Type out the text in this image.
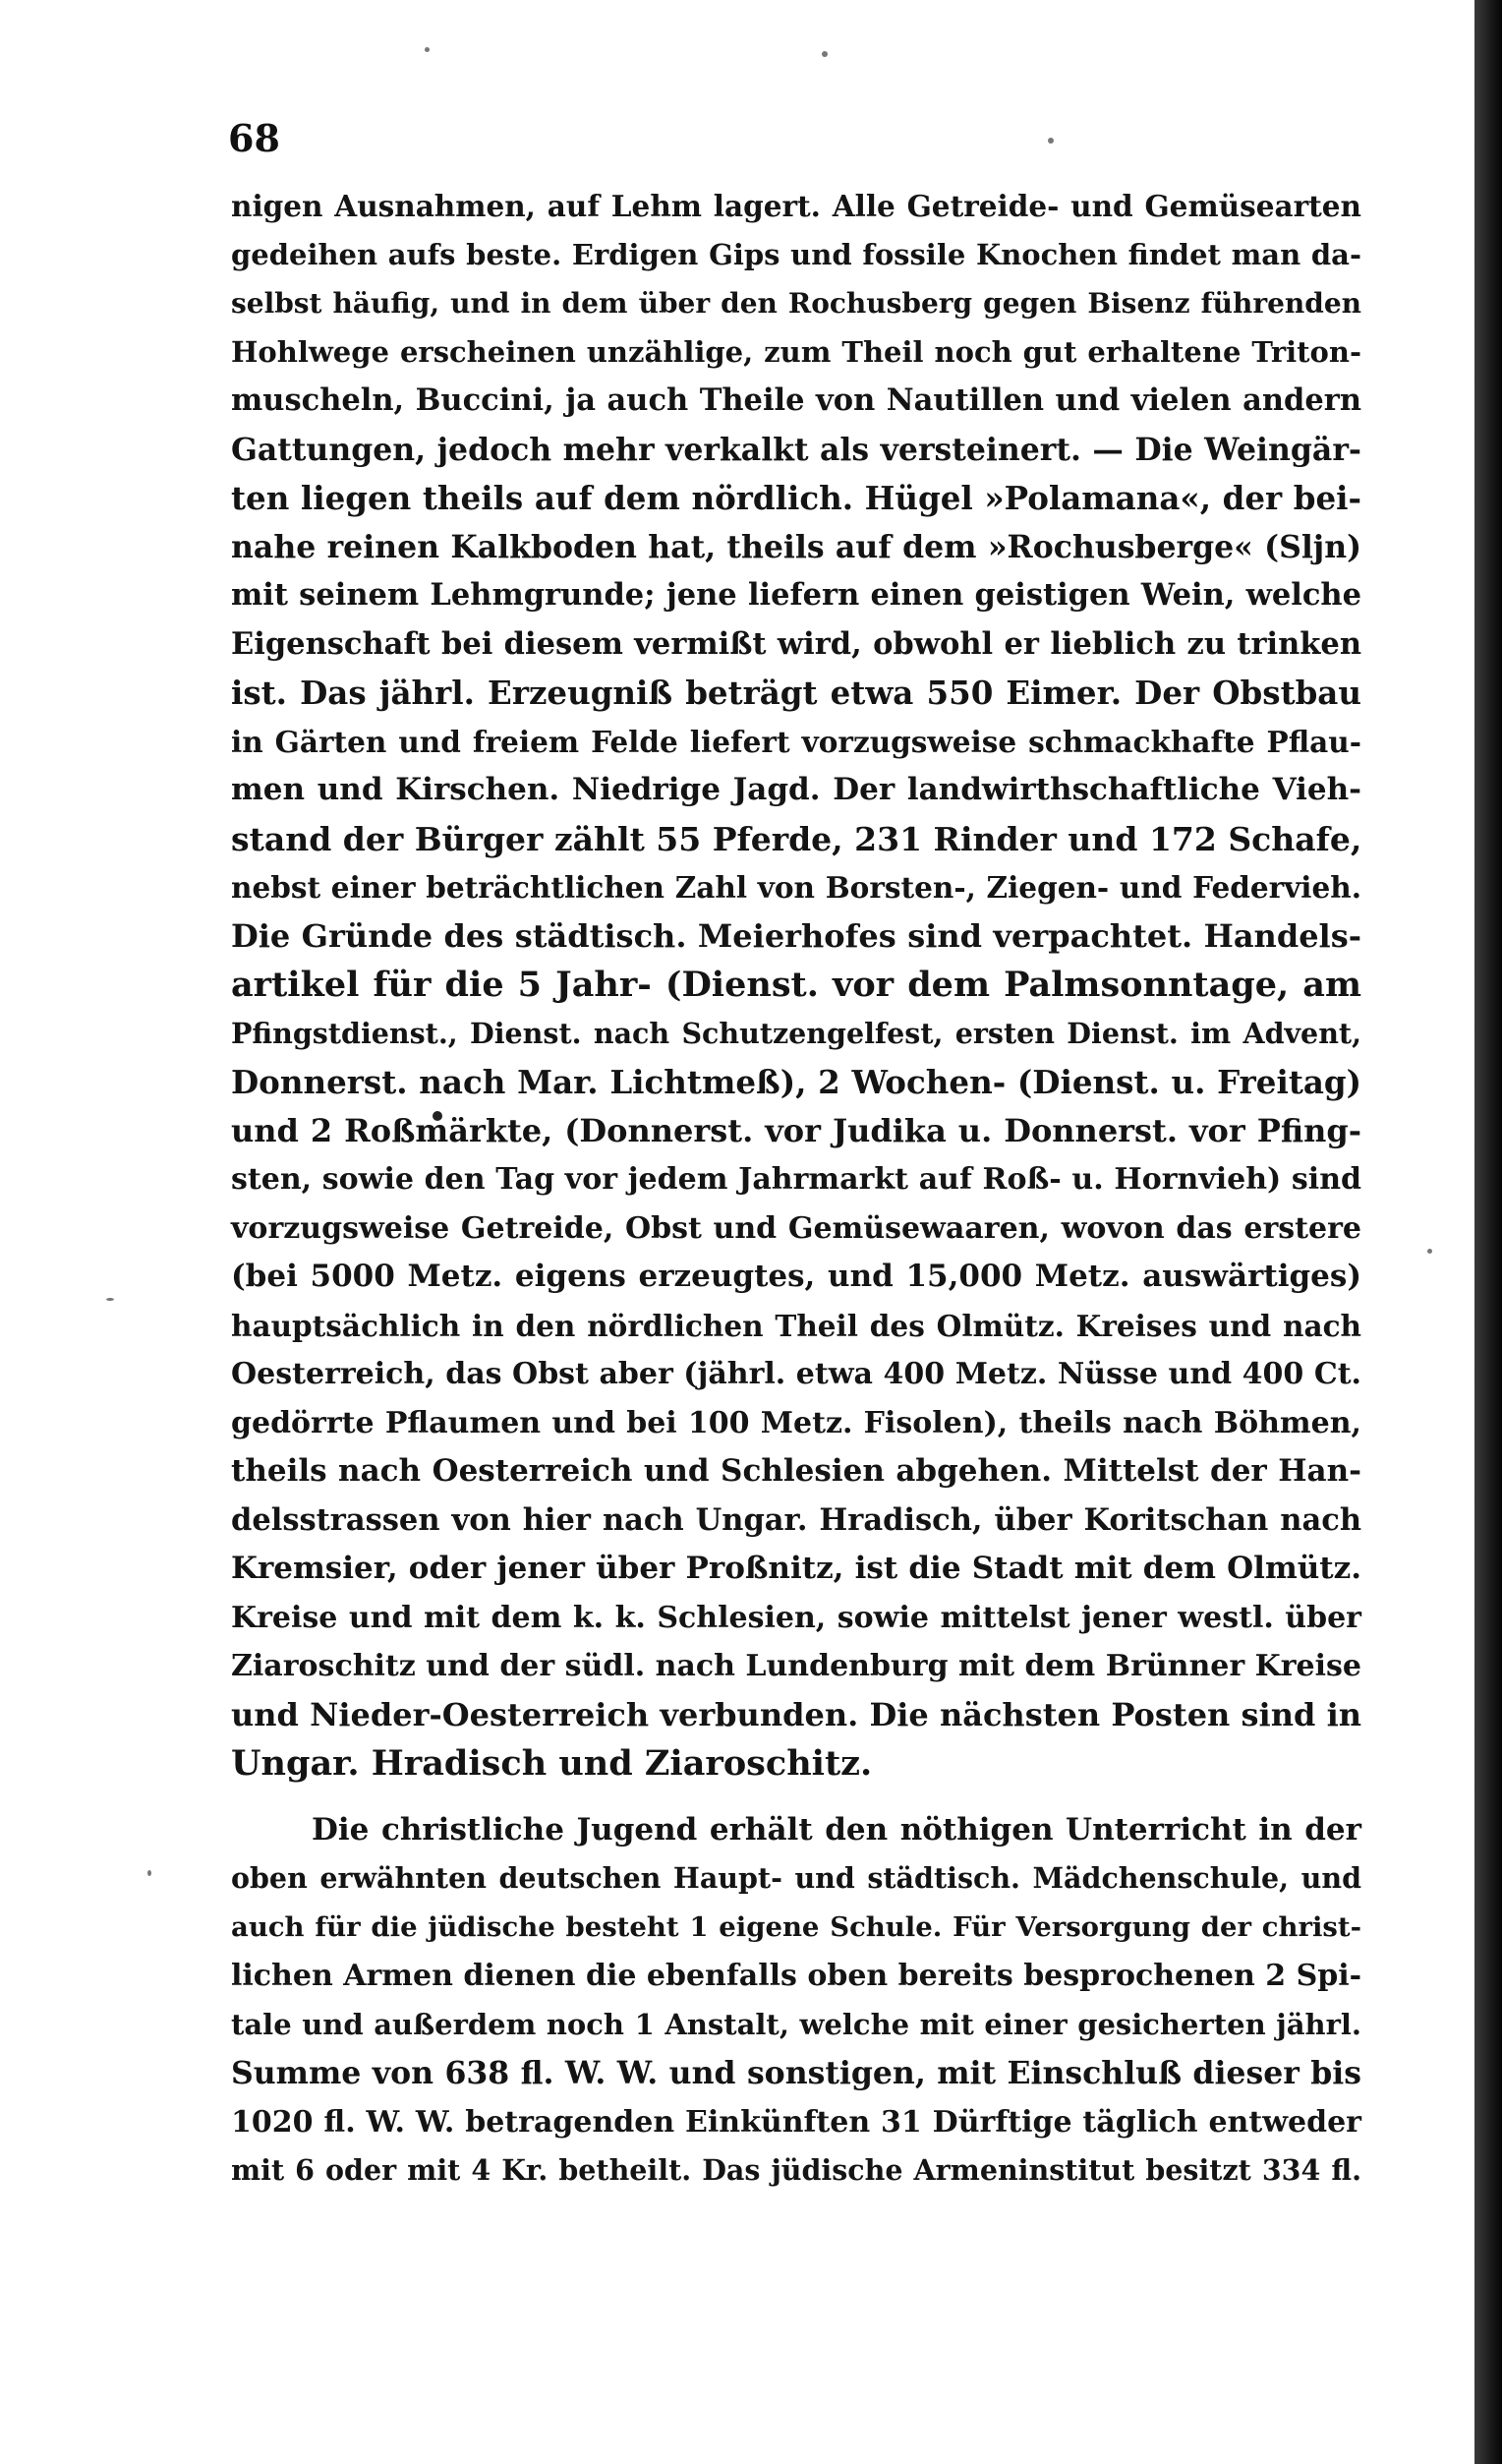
68
nigen Ausnahmen, auf Lehm lagert. Alle Getreide- und Gemüsearten
gedeihen aufs beste. Erdigen Gips und fossile Knochen findet man da-
selbst häufig, und in dem über den Rochusberg gegen Bisenz führenden
Hohlwege erscheinen unzählige, zum Theil noch gut erhaltene Triton-
muscheln, Buccini, ja auch Theile von Nautillen und vielen andern
Gattungen, jedoch mehr verkalkt als versteinert. — Die Weingär-
ten liegen theils auf dem nördlich. Hügel »Polamana«, der bei-
nahe reinen Kalkboden hat, theils auf dem »Rochusberge« (Sljn)
mit seinem Lehmgrunde; jene liefern einen geistigen Wein, welche
Eigenschaft bei diesem vermißt wird, obwohl er lieblich zu trinken
ist. Das jährl. Erzeugniß beträgt etwa 550 Eimer. Der Obstbau
in Gärten und freiem Felde liefert vorzugsweise schmackhafte Pflau-
men und Kirschen. Niedrige Jagd. Der landwirthschaftliche Vieh-
stand der Bürger zählt 55 Pferde, 231 Rinder und 172 Schafe,
nebst einer beträchtlichen Zahl von Borsten-, Ziegen- und Federvieh.
Die Gründe des städtisch. Meierhofes sind verpachtet. Handels-
artikel für die 5 Jahr- (Dienst. vor dem Palmsonntage, am
Pfingstdienst., Dienst. nach Schutzengelfest, ersten Dienst. im Advent,
Donnerst. nach Mar. Lichtmeß), 2 Wochen- (Dienst. u. Freitag)
und 2 Roßmärkte, (Donnerst. vor Judika u. Donnerst. vor Pfing-
sten, sowie den Tag vor jedem Jahrmarkt auf Roß- u. Hornvieh) sind
vorzugsweise Getreide, Obst und Gemüsewaaren, wovon das erstere
(bei 5000 Metz. eigens erzeugtes, und 15,000 Metz. auswärtiges)
hauptsächlich in den nördlichen Theil des Olmütz. Kreises und nach
Oesterreich, das Obst aber (jährl. etwa 400 Metz. Nüsse und 400 Ct.
gedörrte Pflaumen und bei 100 Metz. Fisolen), theils nach Böhmen,
theils nach Oesterreich und Schlesien abgehen. Mittelst der Han-
delsstrassen von hier nach Ungar. Hradisch, über Koritschan nach
Kremsier, oder jener über Proßnitz, ist die Stadt mit dem Olmütz.
Kreise und mit dem k. k. Schlesien, sowie mittelst jener westl. über
Ziaroschitz und der südl. nach Lundenburg mit dem Brünner Kreise
und Nieder-Oesterreich verbunden. Die nächsten Posten sind in
Ungar. Hradisch und Ziaroschitz.
Die christliche Jugend erhält den nöthigen Unterricht in der
oben erwähnten deutschen Haupt- und städtisch. Mädchenschule, und
auch für die jüdische besteht 1 eigene Schule. Für Versorgung der christ-
lichen Armen dienen die ebenfalls oben bereits besprochenen 2 Spi-
tale und außerdem noch 1 Anstalt, welche mit einer gesicherten jährl.
Summe von 638 fl. W. W. und sonstigen, mit Einschluß dieser bis
1020 fl. W. W. betragenden Einkünften 31 Dürftige täglich entweder
mit 6 oder mit 4 Kr. betheilt. Das jüdische Armeninstitut besitzt 334 fl.
